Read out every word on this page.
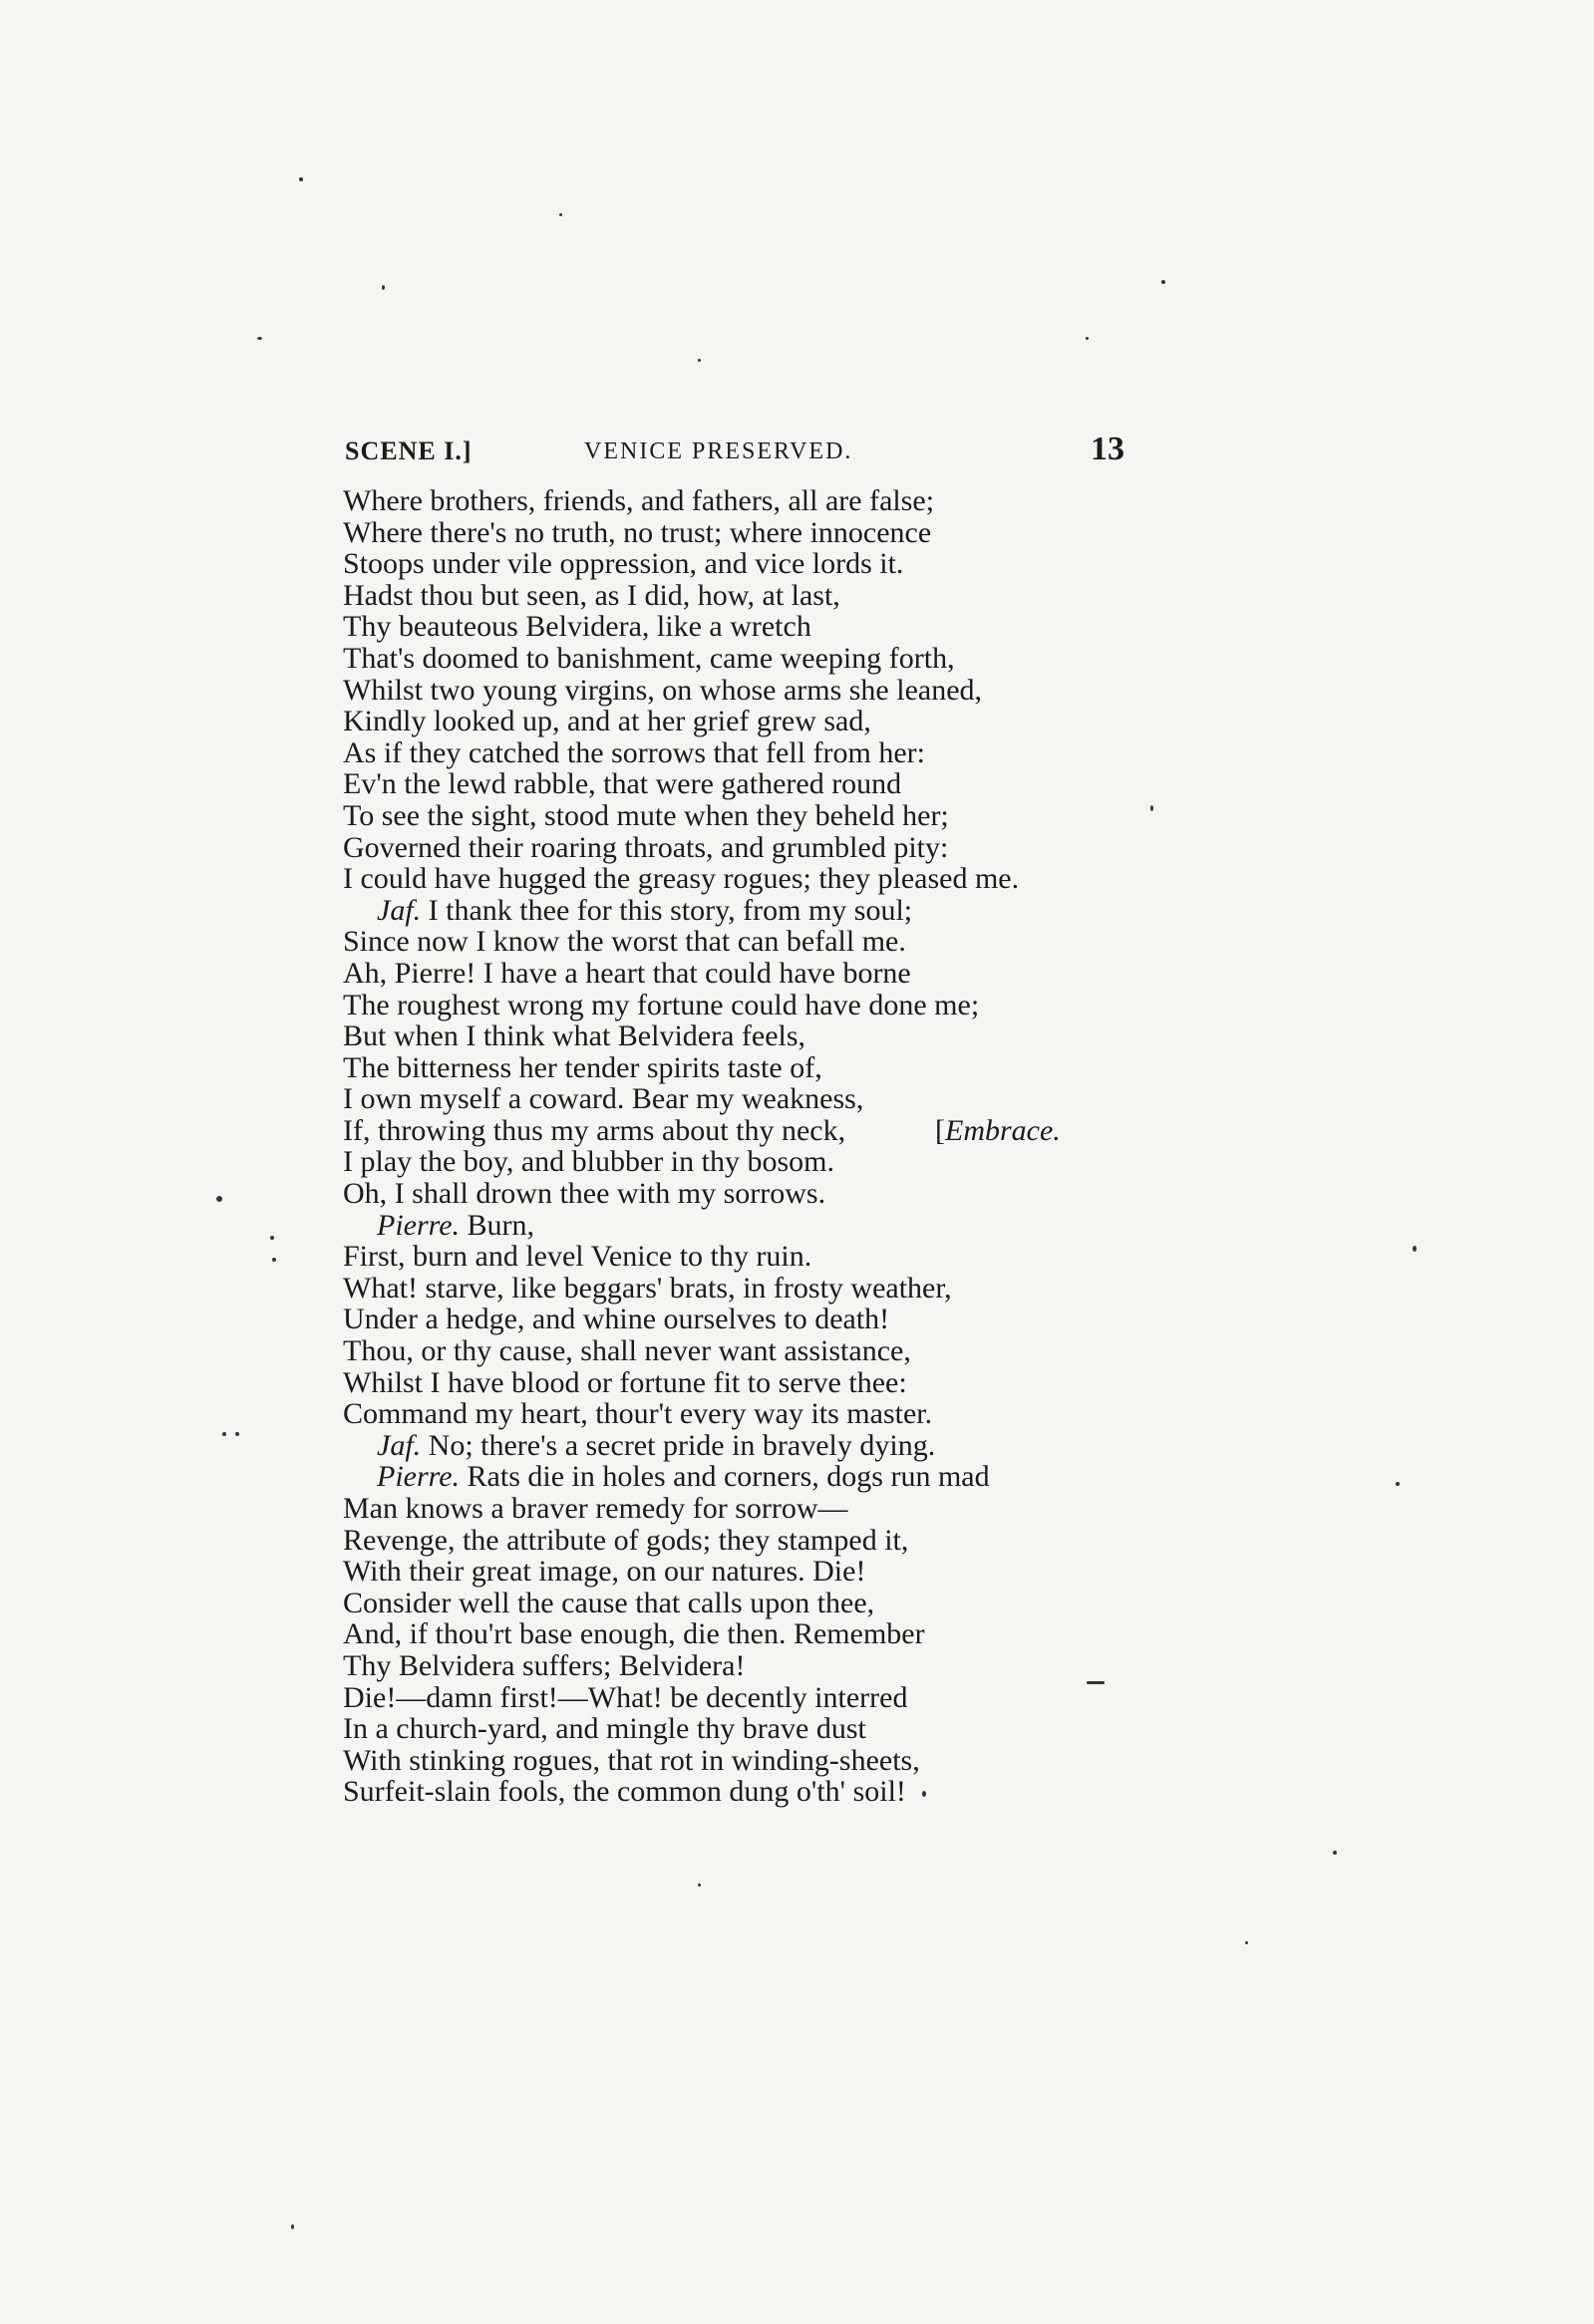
SCENE I.]	VENICE PRESERVED.	13
Where brothers, friends, and fathers, all are false;
Where there's no truth, no trust; where innocence
Stoops under vile oppression, and vice lords it.
Hadst thou but seen, as I did, how, at last,
Thy beauteous Belvidera, like a wretch
That's doomed to banishment, came weeping forth,
Whilst two young virgins, on whose arms she leaned,
Kindly looked up, and at her grief grew sad,
As if they catched the sorrows that fell from her:
Ev'n the lewd rabble, that were gathered round
To see the sight, stood mute when they beheld her;
Governed their roaring throats, and grumbled pity:
I could have hugged the greasy rogues; they pleased me.
Jaf. I thank thee for this story, from my soul;
Since now I know the worst that can befall me.
Ah, Pierre! I have a heart that could have borne
The roughest wrong my fortune could have done me;
But when I think what Belvidera feels,
The bitterness her tender spirits taste of,
I own myself a coward. Bear my weakness,
If, throwing thus my arms about thy neck,	[Embrace.
I play the boy, and blubber in thy bosom.
Oh, I shall drown thee with my sorrows.
Pierre. Burn,
First, burn and level Venice to thy ruin.
What! starve, like beggars' brats, in frosty weather,
Under a hedge, and whine ourselves to death!
Thou, or thy cause, shall never want assistance,
Whilst I have blood or fortune fit to serve thee:
Command my heart, thour't every way its master.
Jaf. No; there's a secret pride in bravely dying.
Pierre. Rats die in holes and corners, dogs run mad
Man knows a braver remedy for sorrow—
Revenge, the attribute of gods; they stamped it,
With their great image, on our natures. Die!
Consider well the cause that calls upon thee,
And, if thou'rt base enough, die then. Remember
Thy Belvidera suffers; Belvidera!
Die!—damn first!—What! be decently interred
In a church-yard, and mingle thy brave dust
With stinking rogues, that rot in winding-sheets,
Surfeit-slain fools, the common dung o'th' soil!
